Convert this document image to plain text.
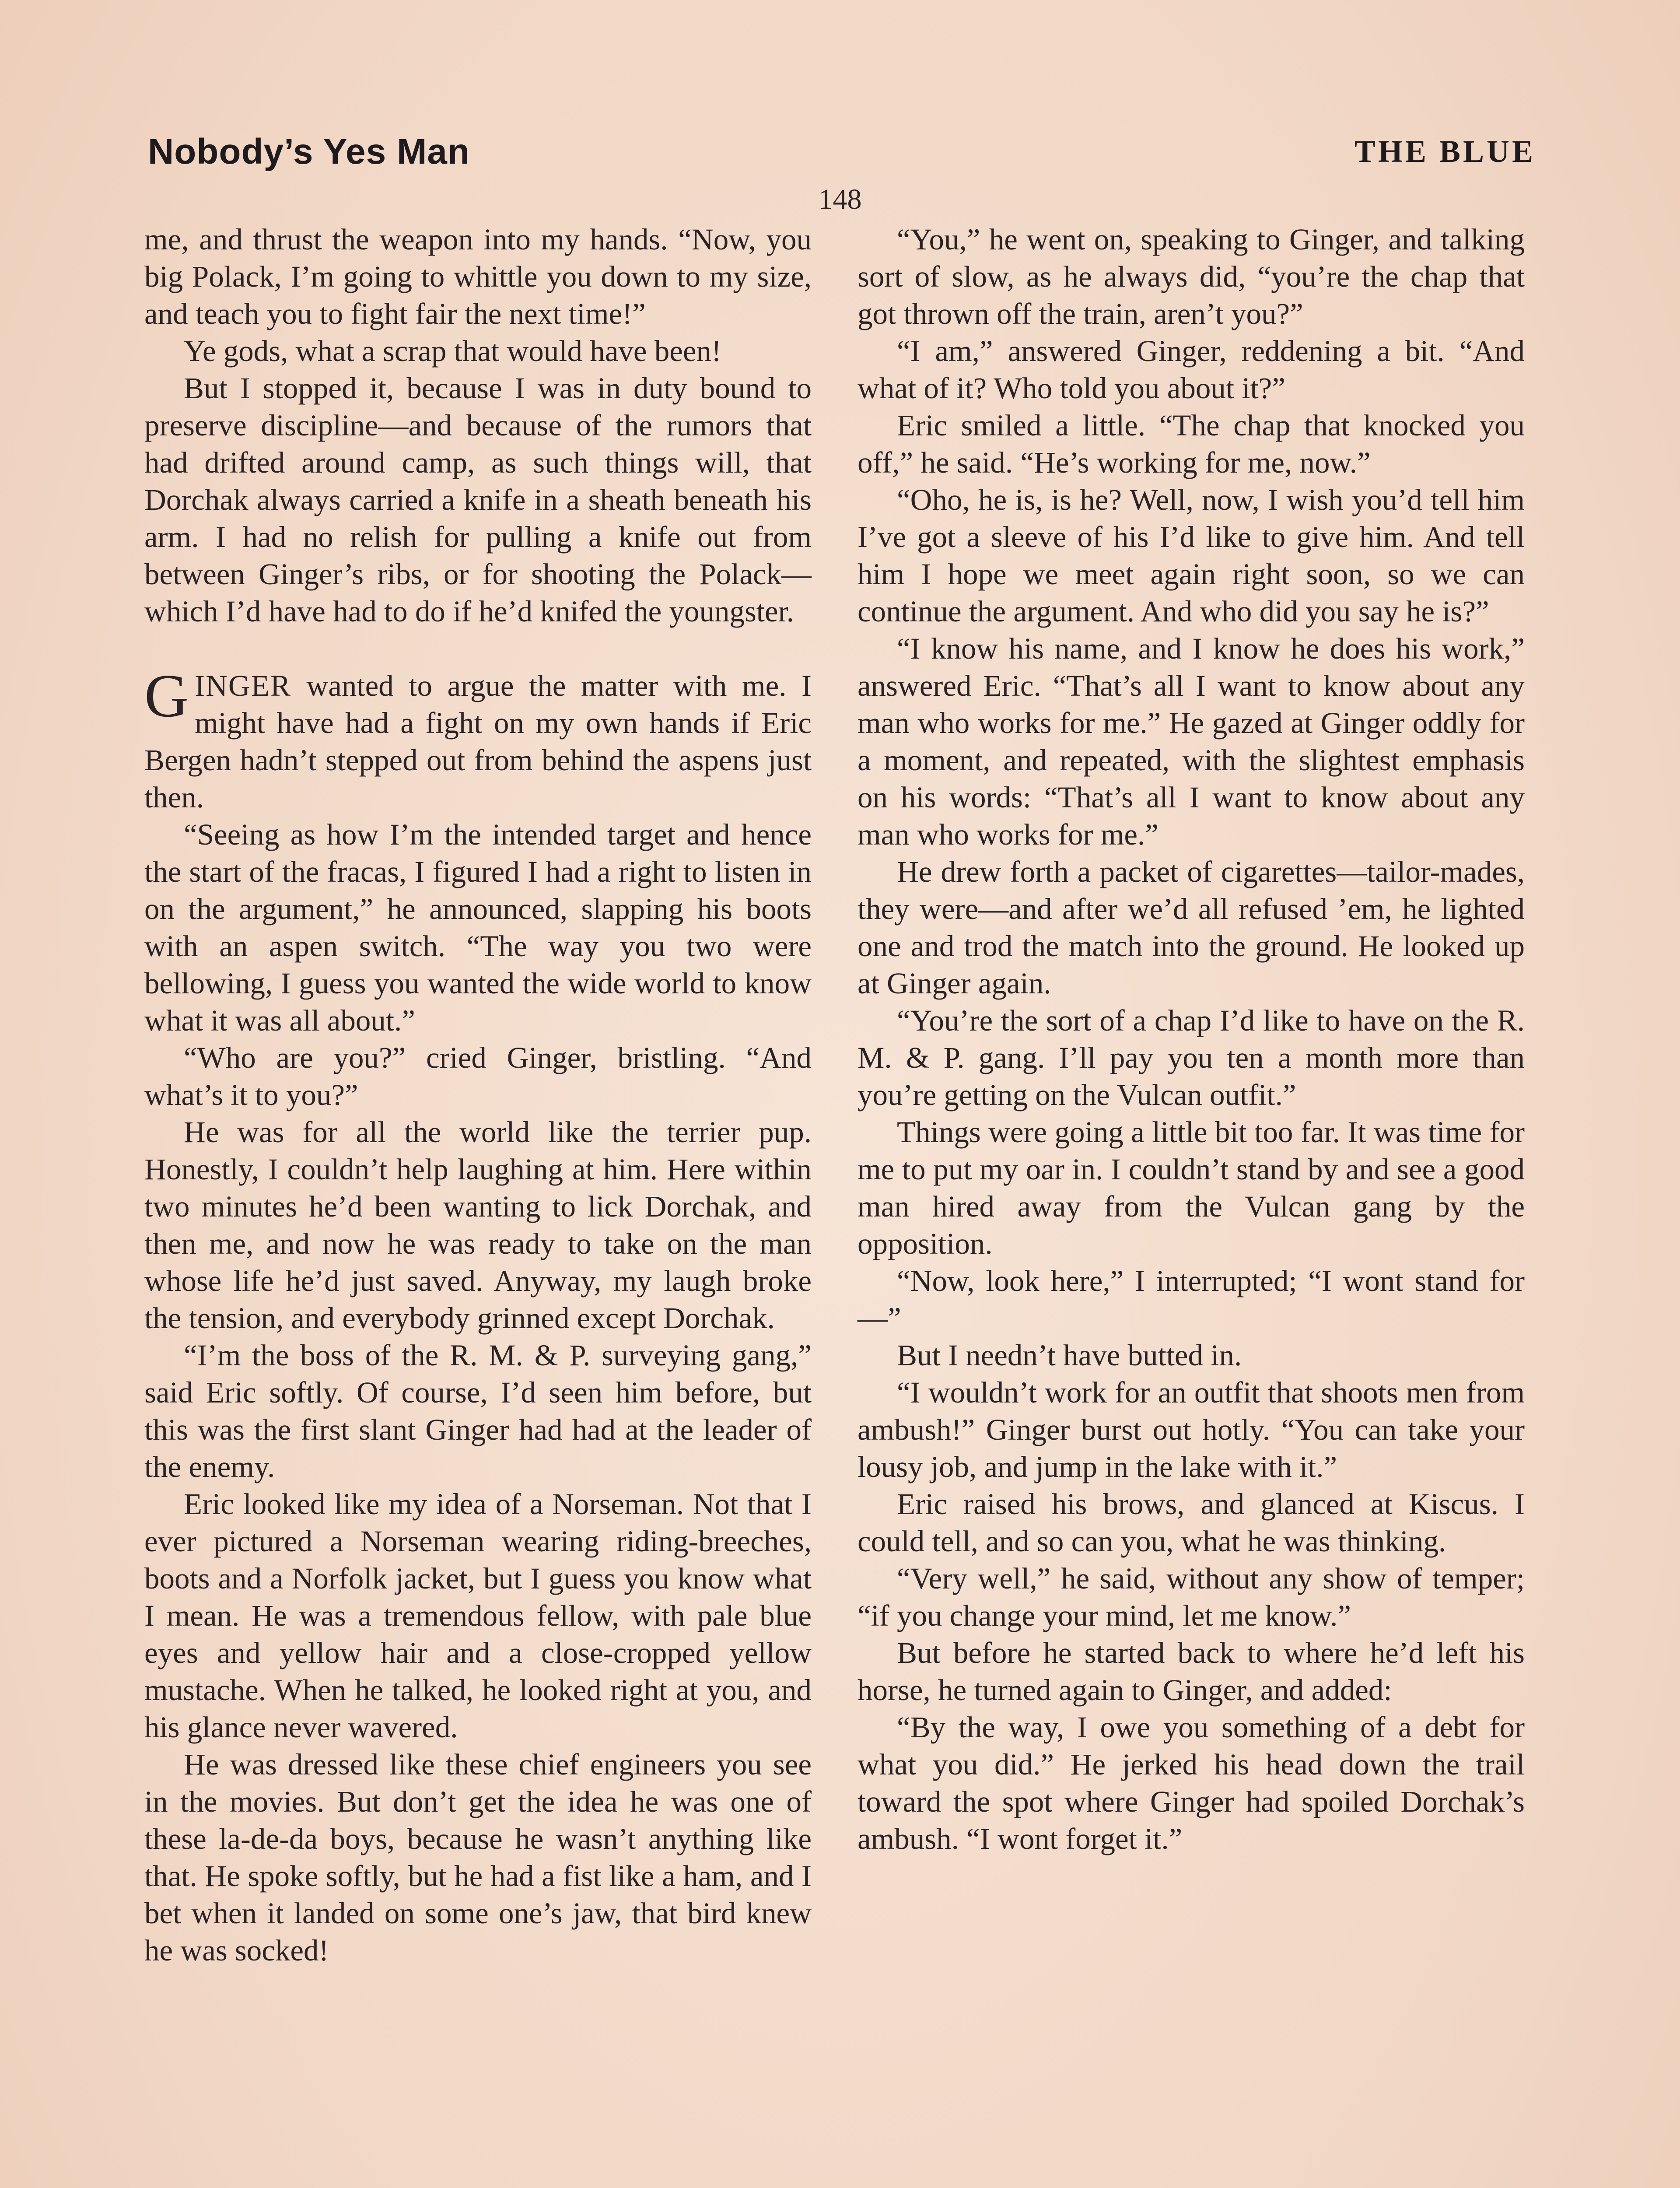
Nobody’s Yes Man	THE BLUE
148

me, and thrust the weapon into my hands. “Now, you big Polack, I’m going to whittle you down to my size, and teach you to fight fair the next time!”

Ye gods, what a scrap that would have been!

But I stopped it, because I was in duty bound to preserve discipline—and because of the rumors that had drifted around camp, as such things will, that Dorchak always carried a knife in a sheath beneath his arm. I had no relish for pulling a knife out from between Ginger’s ribs, or for shooting the Polack—which I’d have had to do if he’d knifed the youngster.

GINGER wanted to argue the matter with me. I might have had a fight on my own hands if Eric Bergen hadn’t stepped out from behind the aspens just then.

“Seeing as how I’m the intended target and hence the start of the fracas, I figured I had a right to listen in on the argument,” he announced, slapping his boots with an aspen switch. “The way you two were bellowing, I guess you wanted the wide world to know what it was all about.”

“Who are you?” cried Ginger, bristling. “And what’s it to you?”

He was for all the world like the terrier pup. Honestly, I couldn’t help laughing at him. Here within two minutes he’d been wanting to lick Dorchak, and then me, and now he was ready to take on the man whose life he’d just saved. Anyway, my laugh broke the tension, and everybody grinned except Dorchak.

“I’m the boss of the R. M. & P. surveying gang,” said Eric softly. Of course, I’d seen him before, but this was the first slant Ginger had had at the leader of the enemy.

Eric looked like my idea of a Norseman. Not that I ever pictured a Norseman wearing riding-breeches, boots and a Norfolk jacket, but I guess you know what I mean. He was a tremendous fellow, with pale blue eyes and yellow hair and a close-cropped yellow mustache. When he talked, he looked right at you, and his glance never wavered.

He was dressed like these chief engineers you see in the movies. But don’t get the idea he was one of these la-de-da boys, because he wasn’t anything like that. He spoke softly, but he had a fist like a ham, and I bet when it landed on some one’s jaw, that bird knew he was socked!

“You,” he went on, speaking to Ginger, and talking sort of slow, as he always did, “you’re the chap that got thrown off the train, aren’t you?”

“I am,” answered Ginger, reddening a bit. “And what of it? Who told you about it?”

Eric smiled a little. “The chap that knocked you off,” he said. “He’s working for me, now.”

“Oho, he is, is he? Well, now, I wish you’d tell him I’ve got a sleeve of his I’d like to give him. And tell him I hope we meet again right soon, so we can continue the argument. And who did you say he is?”

“I know his name, and I know he does his work,” answered Eric. “That’s all I want to know about any man who works for me.” He gazed at Ginger oddly for a moment, and repeated, with the slightest emphasis on his words: “That’s all I want to know about any man who works for me.”

He drew forth a packet of cigarettes—tailor-mades, they were—and after we’d all refused ’em, he lighted one and trod the match into the ground. He looked up at Ginger again.

“You’re the sort of a chap I’d like to have on the R. M. & P. gang. I’ll pay you ten a month more than you’re getting on the Vulcan outfit.”

Things were going a little bit too far. It was time for me to put my oar in. I couldn’t stand by and see a good man hired away from the Vulcan gang by the opposition.

“Now, look here,” I interrupted; “I wont stand for—”

But I needn’t have butted in.

“I wouldn’t work for an outfit that shoots men from ambush!” Ginger burst out hotly. “You can take your lousy job, and jump in the lake with it.”

Eric raised his brows, and glanced at Kiscus. I could tell, and so can you, what he was thinking.

“Very well,” he said, without any show of temper; “if you change your mind, let me know.”

But before he started back to where he’d left his horse, he turned again to Ginger, and added:

“By the way, I owe you something of a debt for what you did.” He jerked his head down the trail toward the spot where Ginger had spoiled Dorchak’s ambush. “I wont forget it.”
